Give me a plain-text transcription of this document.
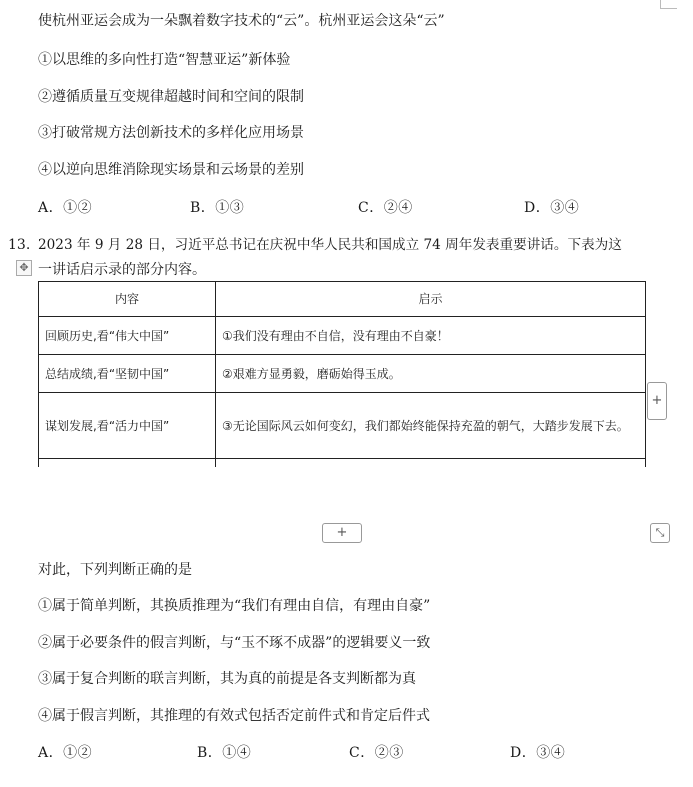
使杭州亚运会成为一朵飘着数字技术的“云”。杭州亚运会这朵“云”
①以思维的多向性打造“智慧亚运”新体验
②遵循质量互变规律超越时间和空间的限制
③打破常规方法创新技术的多样化应用场景
④以逆向思维消除现实场景和云场景的差别
A．①②	B．①③	C．②④	D．③④
13. 2023 年 9 月 28 日，习近平总书记在庆祝中华人民共和国成立 74 周年发表重要讲话。下表为这
✥ 一讲话启示录的部分内容。
内容	启示
回顾历史,看“伟大中国”	①我们没有理由不自信，没有理由不自豪！
总结成绩,看“坚韧中国”	②艰难方显勇毅，磨砺始得玉成。
谋划发展,看“活力中国”	③无论国际风云如何变幻，我们都始终能保持充盈的朝气，大踏步发展下去。

+
+	⤡
对此，下列判断正确的是
①属于简单判断，其换质推理为“我们有理由自信，有理由自豪”
②属于必要条件的假言判断，与“玉不琢不成器”的逻辑要义一致
③属于复合判断的联言判断，其为真的前提是各支判断都为真
④属于假言判断，其推理的有效式包括否定前件式和肯定后件式
A．①②	B．①④	C．②③	D．③④
